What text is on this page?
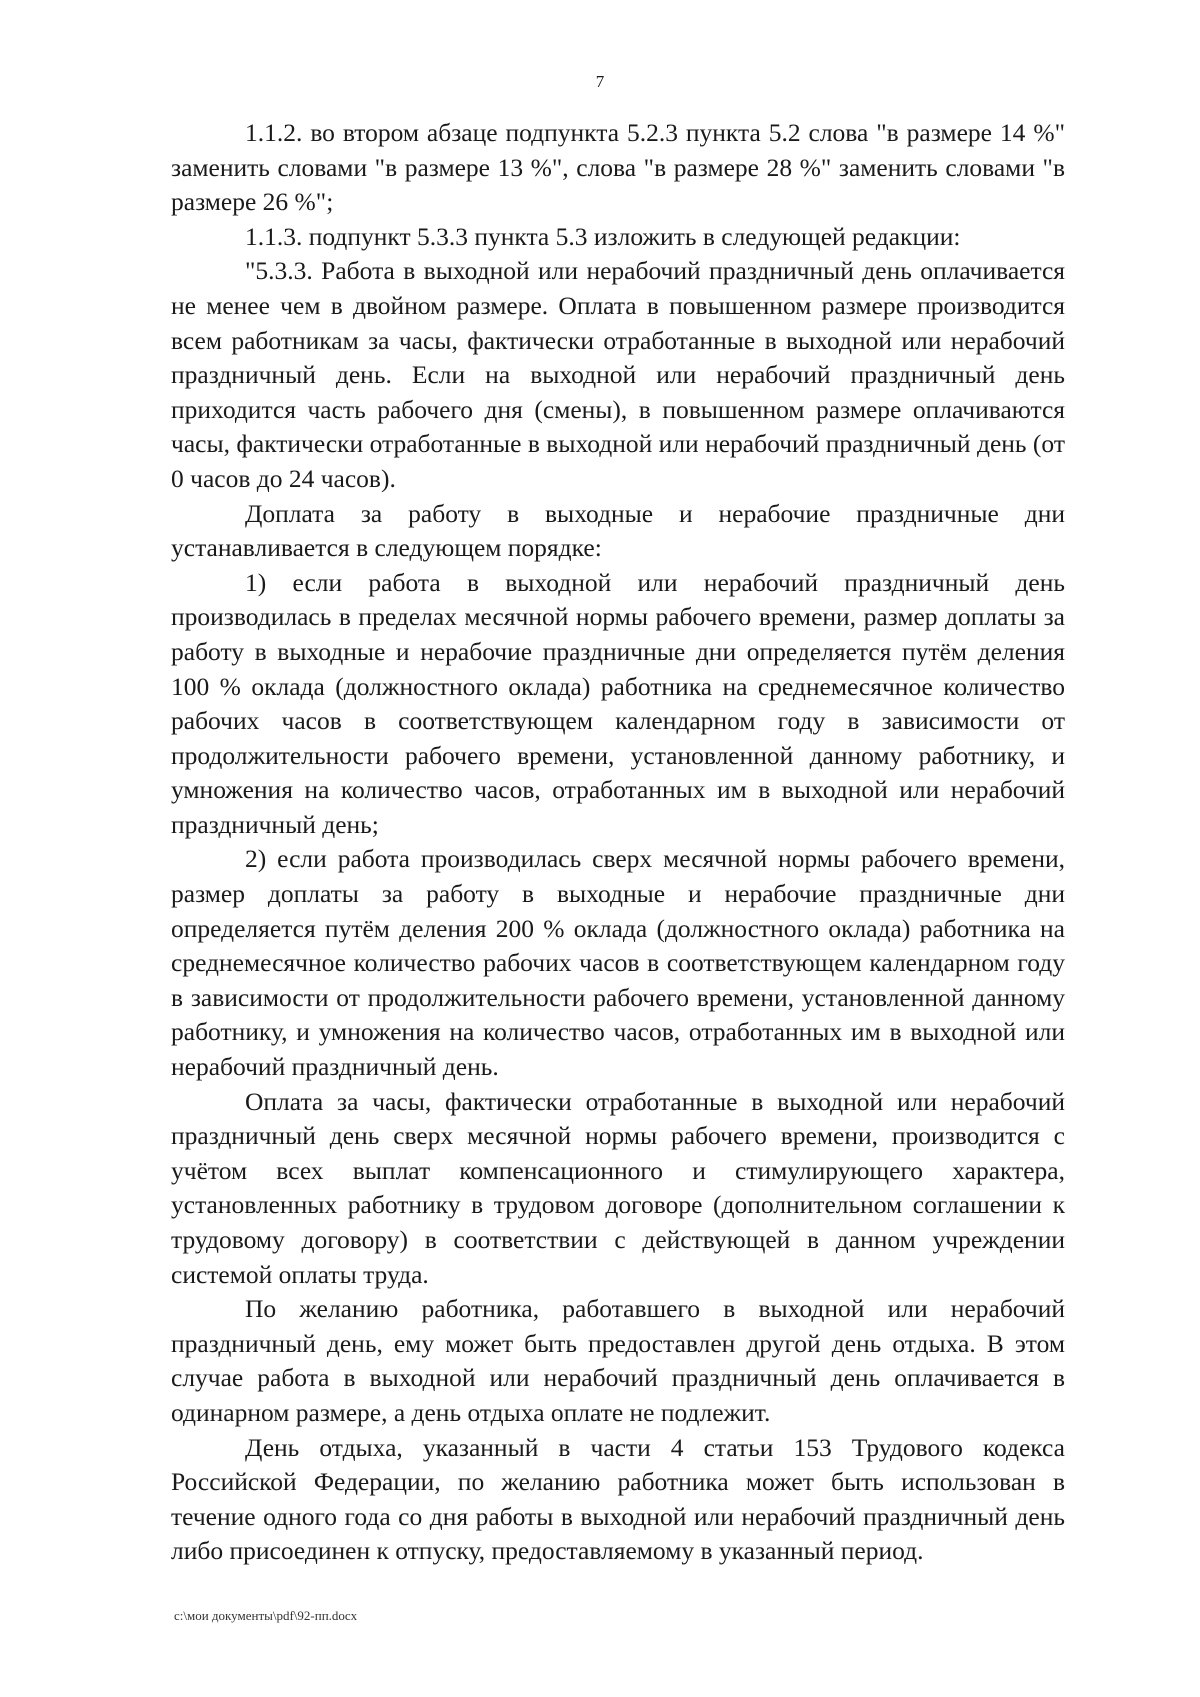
7

1.1.2. во втором абзаце подпункта 5.2.3 пункта 5.2 слова "в размере 14 %" заменить словами "в размере 13 %", слова "в размере 28 %" заменить словами "в размере 26 %";

1.1.3. подпункт 5.3.3 пункта 5.3 изложить в следующей редакции:

"5.3.3. Работа в выходной или нерабочий праздничный день оплачивается не менее чем в двойном размере. Оплата в повышенном размере производится всем работникам за часы, фактически отработанные в выходной или нерабочий праздничный день. Если на выходной или нерабочий праздничный день приходится часть рабочего дня (смены), в повышенном размере оплачиваются часы, фактически отработанные в выходной или нерабочий праздничный день (от 0 часов до 24 часов).

Доплата за работу в выходные и нерабочие праздничные дни устанавливается в следующем порядке:

1) если работа в выходной или нерабочий праздничный день производилась в пределах месячной нормы рабочего времени, размер доплаты за работу в выходные и нерабочие праздничные дни определяется путём деления 100 % оклада (должностного оклада) работника на среднемесячное количество рабочих часов в соответствующем календарном году в зависимости от продолжительности рабочего времени, установленной данному работнику, и умножения на количество часов, отработанных им в выходной или нерабочий праздничный день;

2) если работа производилась сверх месячной нормы рабочего времени, размер доплаты за работу в выходные и нерабочие праздничные дни определяется путём деления 200 % оклада (должностного оклада) работника на среднемесячное количество рабочих часов в соответствующем календарном году в зависимости от продолжительности рабочего времени, установленной данному работнику, и умножения на количество часов, отработанных им в выходной или нерабочий праздничный день.

Оплата за часы, фактически отработанные в выходной или нерабочий праздничный день сверх месячной нормы рабочего времени, производится с учётом всех выплат компенсационного и стимулирующего характера, установленных работнику в трудовом договоре (дополнительном соглашении к трудовому договору) в соответствии с действующей в данном учреждении системой оплаты труда.

По желанию работника, работавшего в выходной или нерабочий праздничный день, ему может быть предоставлен другой день отдыха. В этом случае работа в выходной или нерабочий праздничный день оплачивается в одинарном размере, а день отдыха оплате не подлежит.

День отдыха, указанный в части 4 статьи 153 Трудового кодекса Российской Федерации, по желанию работника может быть использован в течение одного года со дня работы в выходной или нерабочий праздничный день либо присоединен к отпуску, предоставляемому в указанный период.

c:\мои документы\pdf\92-пп.docx
